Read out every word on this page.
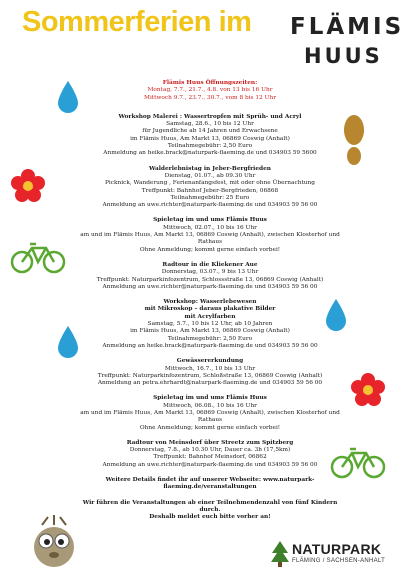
Sommerferien im FLÄMIS
HUUS
NATURPARK
FLÄMING / SACHSEN-ANHALT
Flämis Huus Öffnungszeiten:
Montag, 7.7., 21.7., 4.8. von 13 bis 16 Uhr
Mittwoch 9.7., 23.7., 30.7., vom 8 bis 12 Uhr
Workshop Malerei : Wassertropfen mit Sprüh- und Acryl
Samstag, 28.6., 10 bis 12 Uhr
für Jugendliche ab 14 Jahren und Erwachsene
im Flämis Huus, Am Markt 13, 06869 Coswig (Anhalt)
Teilnahmegebühr: 2,50 Euro
Anmeldung an heike.brack@naturpark-flaeming.de und 034903 59 5600
Walderlebnistag in Jeber-Bergfrieden
Dienstag, 01.07., ab 09.30 Uhr
Picknick, Wanderung , Ferienanfangsfest, mit oder ohne Übernachtung
Treffpunkt: Bahnhof Jeber-Bergfrieden, 06868
Teilnahmegebühr: 25 Euro
Anmeldung an uwe.richter@naturpark-flaeming.de und 034903 59 56 00
Spieletag im und ums Flämis Huus
Mittwoch, 02.07., 10 bis 16 Uhr
am und im Flämis Huus, Am Markt 13, 06869 Coswig (Anhalt), zwischen Klosterhof und Rathaus
Ohne Anmeldung; kommt gerne einfach vorbei!
Radtour in die Kliekener Aue
Donnerstag, 03.07., 9 bis 13 Uhr
Treffpunkt: Naturparkinfozentrum, Schlossstraße 13, 06869 Coswig (Anhalt)
Anmeldung an uwe.richter@naturpark-flaeming.de und 034903 59 56 00
Workshop: Wasserlebewesen
mit Mikroskop – daraus plakative Bilder
mit Acrylfarben
Samstag, 5.7., 10 bis 12 Uhr, ab 10 Jahren
im Flämis Huus, Am Markt 13, 06869 Coswig (Anhalt)
Teilnahmegebühr: 2,50 Euro
Anmeldung an heike.brack@naturpark-flaeming.de und 034903 59 56 00
Gewässererkundung
Mittwoch, 16.7., 10 bis 13 Uhr
Treffpunkt: Naturparkinfozentrum, Schloßstraße 13, 06869 Coswig (Anhalt)
Anmeldung an petra.ehrhardt@naturpark-flaeming.de und 034903 59 56 00
Spieletag im und ums Flämis Huus
Mittwoch, 06.08., 10 bis 16 Uhr
am und im Flämis Huus, Am Markt 13, 06869 Coswig (Anhalt), zwischen Klosterhof und Rathaus
Ohne Anmeldung; kommt gerne einfach vorbei!
Radtour von Meinsdorf über Streetz zum Spitzberg
Donnerstag, 7.8., ab 10.30 Uhr, Dauer ca. 3h (17,5km)
Treffpunkt: Bahnhof Meinsdorf, 06862
Anmeldung an uwe.richter@naturpark-flaeming.de und 034903 59 56 00
Weitere Details findet ihr auf unserer Webseite: www.naturpark-flaeming.de/veranstaltungen
Wir führen die Veranstaltungen ab einer Teilnehmendenzahl von fünf Kindern durch.
Deshalb meldet euch bitte vorher an!
